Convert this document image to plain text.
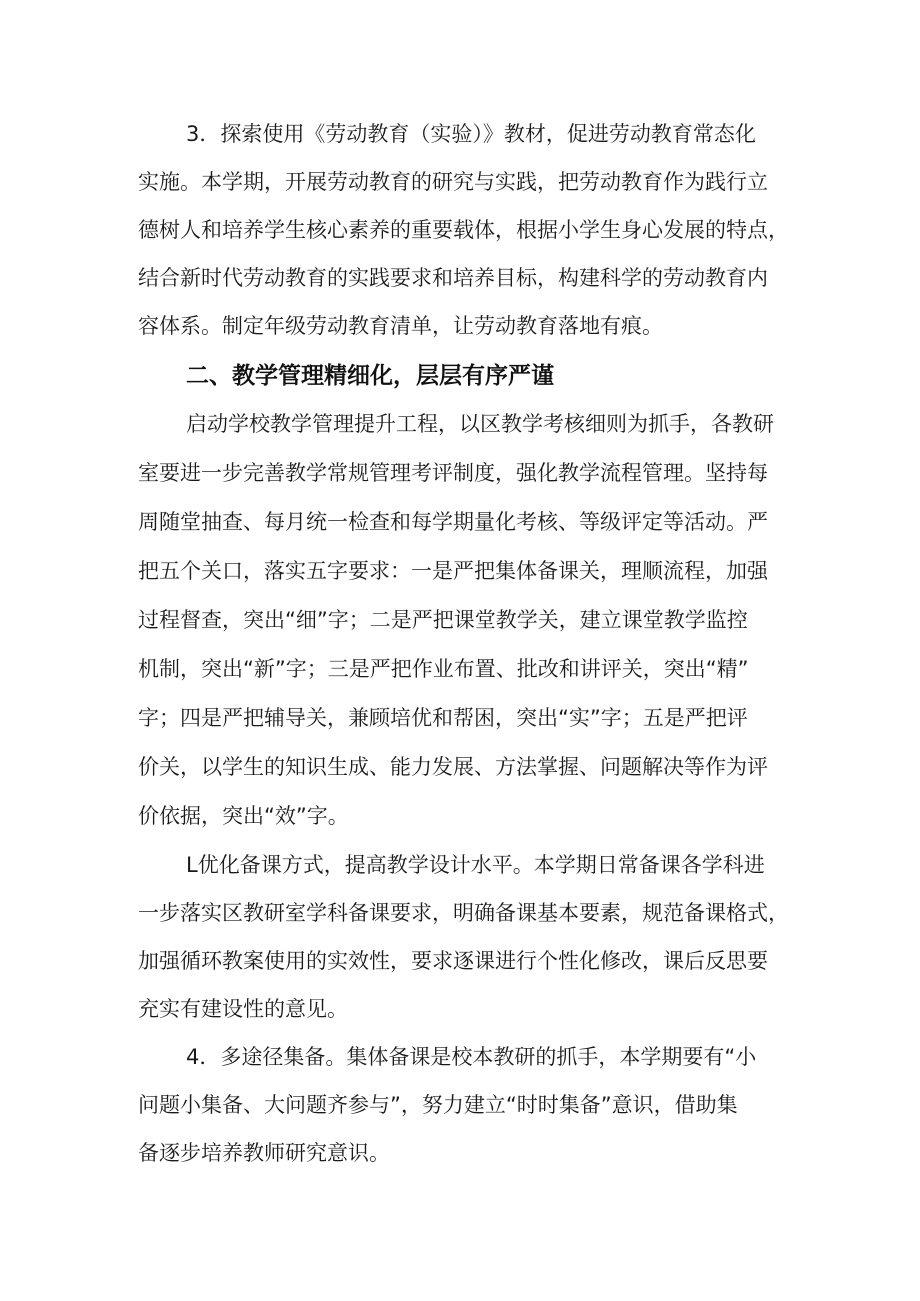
3．探索使用《劳动教育（实验）》教材，促进劳动教育常态化
实施。本学期，开展劳动教育的研究与实践，把劳动教育作为践行立
德树人和培养学生核心素养的重要载体，根据小学生身心发展的特点，
结合新时代劳动教育的实践要求和培养目标，构建科学的劳动教育内
容体系。制定年级劳动教育清单，让劳动教育落地有痕。
二、教学管理精细化，层层有序严谨
启动学校教学管理提升工程，以区教学考核细则为抓手，各教研
室要进一步完善教学常规管理考评制度，强化教学流程管理。坚持每
周随堂抽查、每月统一检查和每学期量化考核、等级评定等活动。严
把五个关口，落实五字要求：一是严把集体备课关，理顺流程，加强
过程督查，突出“细”字；二是严把课堂教学关，建立课堂教学监控
机制，突出“新”字；三是严把作业布置、批改和讲评关，突出“精”
字；四是严把辅导关，兼顾培优和帮困，突出“实”字；五是严把评
价关，以学生的知识生成、能力发展、方法掌握、问题解决等作为评
价依据，突出“效”字。
L优化备课方式，提高教学设计水平。本学期日常备课各学科进
一步落实区教研室学科备课要求，明确备课基本要素，规范备课格式，
加强循环教案使用的实效性，要求逐课进行个性化修改，课后反思要
充实有建设性的意见。
4．多途径集备。集体备课是校本教研的抓手，本学期要有“小
问题小集备、大问题齐参与”，努力建立“时时集备”意识，借助集
备逐步培养教师研究意识。
